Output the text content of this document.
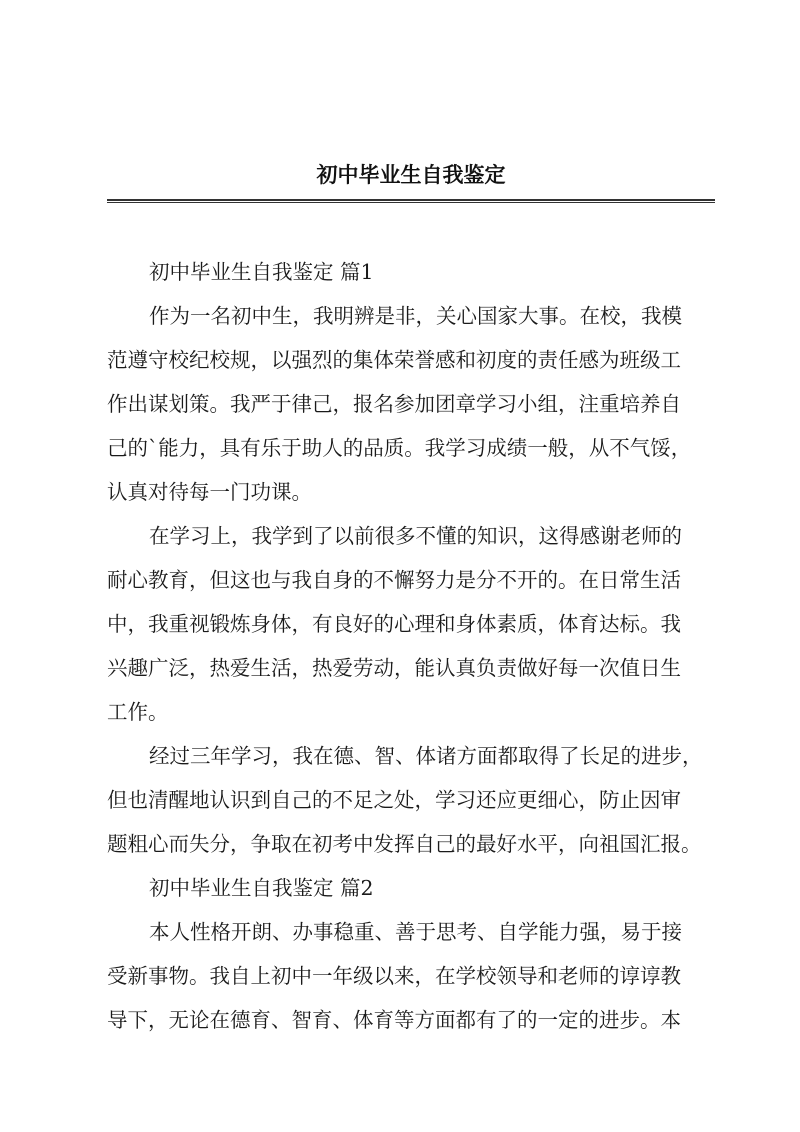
初中毕业生自我鉴定
初中毕业生自我鉴定 篇1
作为一名初中生，我明辨是非，关心国家大事。在校，我模
范遵守校纪校规，以强烈的集体荣誉感和初度的责任感为班级工
作出谋划策。我严于律己，报名参加团章学习小组，注重培养自
己的`能力，具有乐于助人的品质。我学习成绩一般，从不气馁，
认真对待每一门功课。
在学习上，我学到了以前很多不懂的知识，这得感谢老师的
耐心教育，但这也与我自身的不懈努力是分不开的。在日常生活
中，我重视锻炼身体，有良好的心理和身体素质，体育达标。我
兴趣广泛，热爱生活，热爱劳动，能认真负责做好每一次值日生
工作。
经过三年学习，我在德、智、体诸方面都取得了长足的进步，
但也清醒地认识到自己的不足之处，学习还应更细心，防止因审
题粗心而失分，争取在初考中发挥自己的最好水平，向祖国汇报。
初中毕业生自我鉴定 篇2
本人性格开朗、办事稳重、善于思考、自学能力强，易于接
受新事物。我自上初中一年级以来，在学校领导和老师的谆谆教
导下，无论在德育、智育、体育等方面都有了的一定的进步。本
